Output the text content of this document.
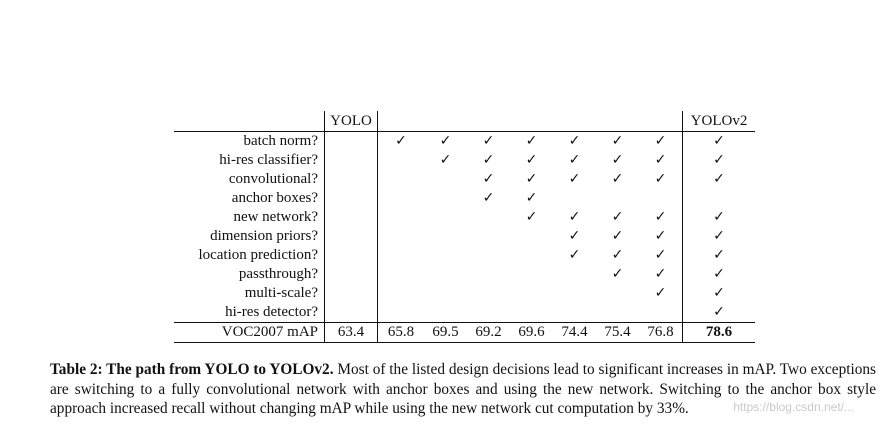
	YOLO								YOLOv2
batch norm?		✓	✓	✓	✓	✓	✓	✓	✓
hi-res classifier?			✓	✓	✓	✓	✓	✓	✓
convolutional?				✓	✓	✓	✓	✓	✓
anchor boxes?				✓	✓				
new network?					✓	✓	✓	✓	✓
dimension priors?						✓	✓	✓	✓
location prediction?						✓	✓	✓	✓
passthrough?							✓	✓	✓
multi-scale?								✓	✓
hi-res detector?									✓
VOC2007 mAP	63.4	65.8	69.5	69.2	69.6	74.4	75.4	76.8	78.6
Table 2: The path from YOLO to YOLOv2. Most of the listed design decisions lead to significant increases in mAP. Two exceptions are switching to a fully convolutional network with anchor boxes and using the new network. Switching to the anchor box style approach increased recall without changing mAP while using the new network cut computation by 33%.	https://blog.csdn.net/...
